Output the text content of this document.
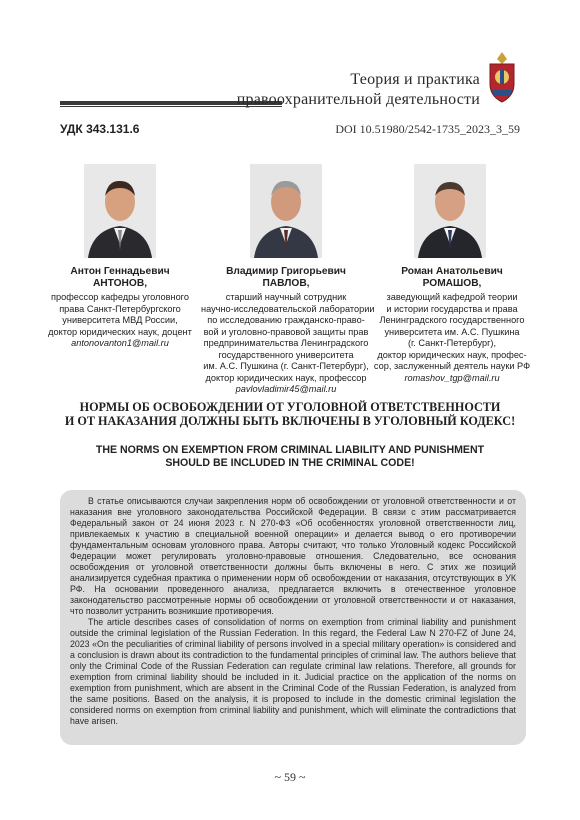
Теория и практика
правоохранительной деятельности
УДК 343.131.6	DOI 10.51980/2542-1735_2023_3_59
Антон Геннадьевич
АНТОНОВ,
профессор кафедры уголовного
права Санкт-Петербургского
университета МВД России,
доктор юридических наук, доцент
antonovanton1@mail.ru
Владимир Григорьевич
ПАВЛОВ,
старший научный сотрудник
научно-исследовательской лаборатории
по исследованию гражданско-право-
вой и уголовно-правовой защиты прав
предпринимательства Ленинградского
государственного университета
им. А.С. Пушкина (г. Санкт-Петербург),
доктор юридических наук, профессор
pavlovladimir45@mail.ru
Роман Анатольевич
РОМАШОВ,
заведующий кафедрой теории
и истории государства и права
Ленинградского государственного
университета им. А.С. Пушкина
(г. Санкт-Петербург),
доктор юридических наук, профес-
сор, заслуженный деятель науки РФ
romashov_tgp@mail.ru
НОРМЫ ОБ ОСВОБОЖДЕНИИ ОТ УГОЛОВНОЙ ОТВЕТСТВЕННОСТИ
И ОТ НАКАЗАНИЯ ДОЛЖНЫ БЫТЬ ВКЛЮЧЕНЫ В УГОЛОВНЫЙ КОДЕКС!
THE NORMS ON EXEMPTION FROM CRIMINAL LIABILITY AND PUNISHMENT
SHOULD BE INCLUDED IN THE CRIMINAL CODE!

В статье описываются случаи закрепления норм об освобождении от уголовной ответственности и от наказания вне уголовного законодательства Российской Федерации. В связи с этим рассматривается Федеральный закон от 24 июня 2023 г. N 270-ФЗ «Об особенностях уголовной ответственности лиц, привлекаемых к участию в специальной военной операции» и делается вывод о его противоречии фундаментальным основам уголовного права. Авторы считают, что только Уголовный кодекс Российской Федерации может регулировать уголовно-правовые отношения. Следовательно, все основания освобождения от уголовной ответственности должны быть включены в него. С этих же позиций анализируется судебная практика о применении норм об освобождении от наказания, отсутствующих в УК РФ. На основании проведенного анализа, предлагается включить в отечественное уголовное законодательство рассмотренные нормы об освобождении от уголовной ответственности и от наказания, что позволит устранить возникшие противоречия.

The article describes cases of consolidation of norms on exemption from criminal liability and punishment outside the criminal legislation of the Russian Federation. In this regard, the Federal Law N 270-FZ of June 24, 2023 «On the peculiarities of criminal liability of persons involved in a special military operation» is considered and a conclusion is drawn about its contradiction to the fundamental principles of criminal law. The authors believe that only the Criminal Code of the Russian Federation can regulate criminal law relations. Therefore, all grounds for exemption from criminal liability should be included in it. Judicial practice on the application of the norms on exemption from punishment, which are absent in the Criminal Code of the Russian Federation, is analyzed from the same positions. Based on the analysis, it is proposed to include in the domestic criminal legislation the considered norms on exemption from criminal liability and punishment, which will eliminate the contradictions that have arisen.

~ 59 ~
